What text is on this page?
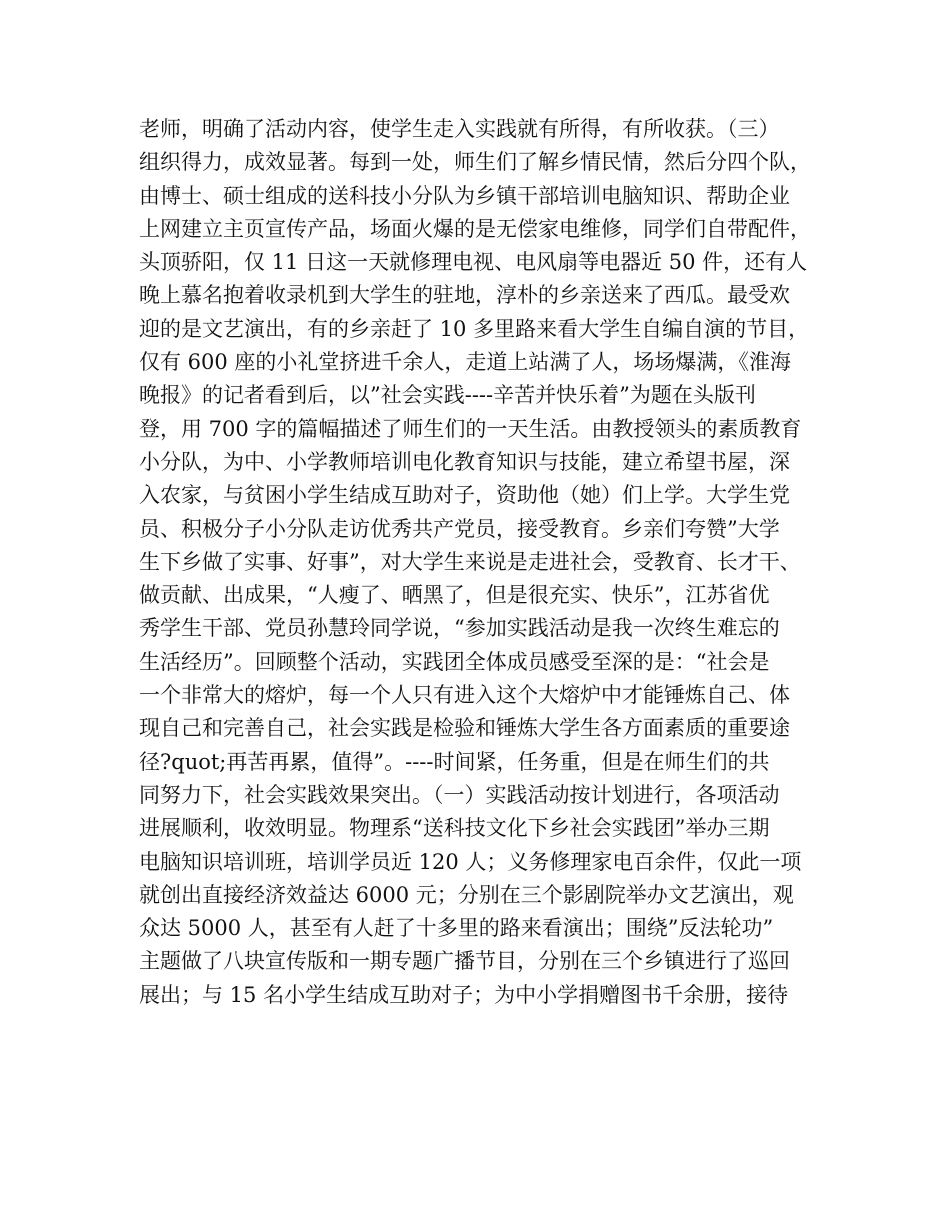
老师，明确了活动内容，使学生走入实践就有所得，有所收获。（三）
组织得力，成效显著。每到一处，师生们了解乡情民情，然后分四个队，
由博士、硕士组成的送科技小分队为乡镇干部培训电脑知识、帮助企业
上网建立主页宣传产品，场面火爆的是无偿家电维修，同学们自带配件，
头顶骄阳，仅 11 日这一天就修理电视、电风扇等电器近 50 件，还有人
晚上慕名抱着收录机到大学生的驻地，淳朴的乡亲送来了西瓜。最受欢
迎的是文艺演出，有的乡亲赶了 10 多里路来看大学生自编自演的节目，
仅有 600 座的小礼堂挤进千余人，走道上站满了人，场场爆满，《淮海
晚报》的记者看到后，以”社会实践----辛苦并快乐着”为题在头版刊
登，用 700 字的篇幅描述了师生们的一天生活。由教授领头的素质教育
小分队，为中、小学教师培训电化教育知识与技能，建立希望书屋，深
入农家，与贫困小学生结成互助对子，资助他（她）们上学。大学生党
员、积极分子小分队走访优秀共产党员，接受教育。乡亲们夸赞”大学
生下乡做了实事、好事”，对大学生来说是走进社会，受教育、长才干、
做贡献、出成果，“人瘦了、晒黑了，但是很充实、快乐”，江苏省优
秀学生干部、党员孙慧玲同学说，“参加实践活动是我一次终生难忘的
生活经历”。回顾整个活动，实践团全体成员感受至深的是：“社会是
一个非常大的熔炉，每一个人只有进入这个大熔炉中才能锤炼自己、体
现自己和完善自己，社会实践是检验和锤炼大学生各方面素质的重要途
径?quot;再苦再累，值得”。----时间紧，任务重，但是在师生们的共
同努力下，社会实践效果突出。（一）实践活动按计划进行，各项活动
进展顺利，收效明显。物理系“送科技文化下乡社会实践团”举办三期
电脑知识培训班，培训学员近 120 人；义务修理家电百余件，仅此一项
就创出直接经济效益达 6000 元；分别在三个影剧院举办文艺演出，观
众达 5000 人，甚至有人赶了十多里的路来看演出；围绕”反法轮功”
主题做了八块宣传版和一期专题广播节目，分别在三个乡镇进行了巡回
展出；与 15 名小学生结成互助对子；为中小学捐赠图书千余册，接待
